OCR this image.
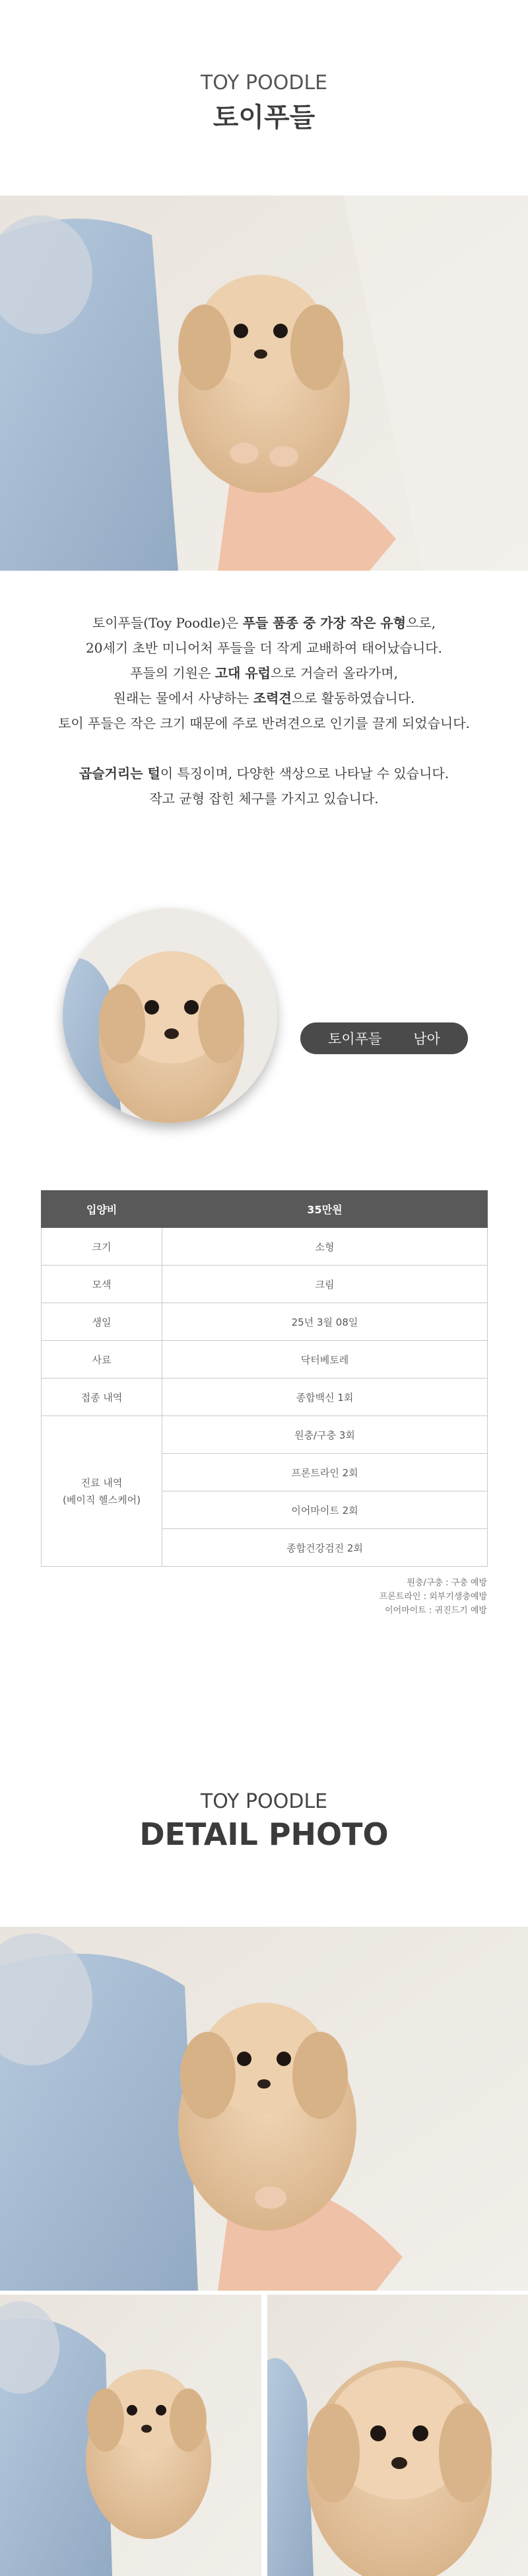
TOY POODLE
토이푸들

토이푸들(Toy Poodle)은 푸들 품종 중 가장 작은 유형으로,

20세기 초반 미니어처 푸들을 더 작게 교배하여 태어났습니다.

푸들의 기원은 고대 유럽으로 거슬러 올라가며,

원래는 물에서 사냥하는 조력견으로 활동하였습니다.

토이 푸들은 작은 크기 때문에 주로 반려견으로 인기를 끌게 되었습니다.

곱슬거리는 털이 특징이며, 다양한 색상으로 나타날 수 있습니다.

작고 균형 잡힌 체구를 가지고 있습니다.

토이푸들 남아
입양비	35만원
크기	소형
모색	크림
생일	25년 3월 08일
사료	닥터베토레
접종 내역	종합백신 1회

진료 내역
(베이직 헬스케어)	원충/구충 3회
	프론트라인 2회
	이어마이트 2회
	종합건강검진 2회
원충/구충 : 구충 예방
프론트라인 : 외부기생충예방
이어마이트 : 귀진드기 예방
TOY POODLE
DETAIL PHOTO
